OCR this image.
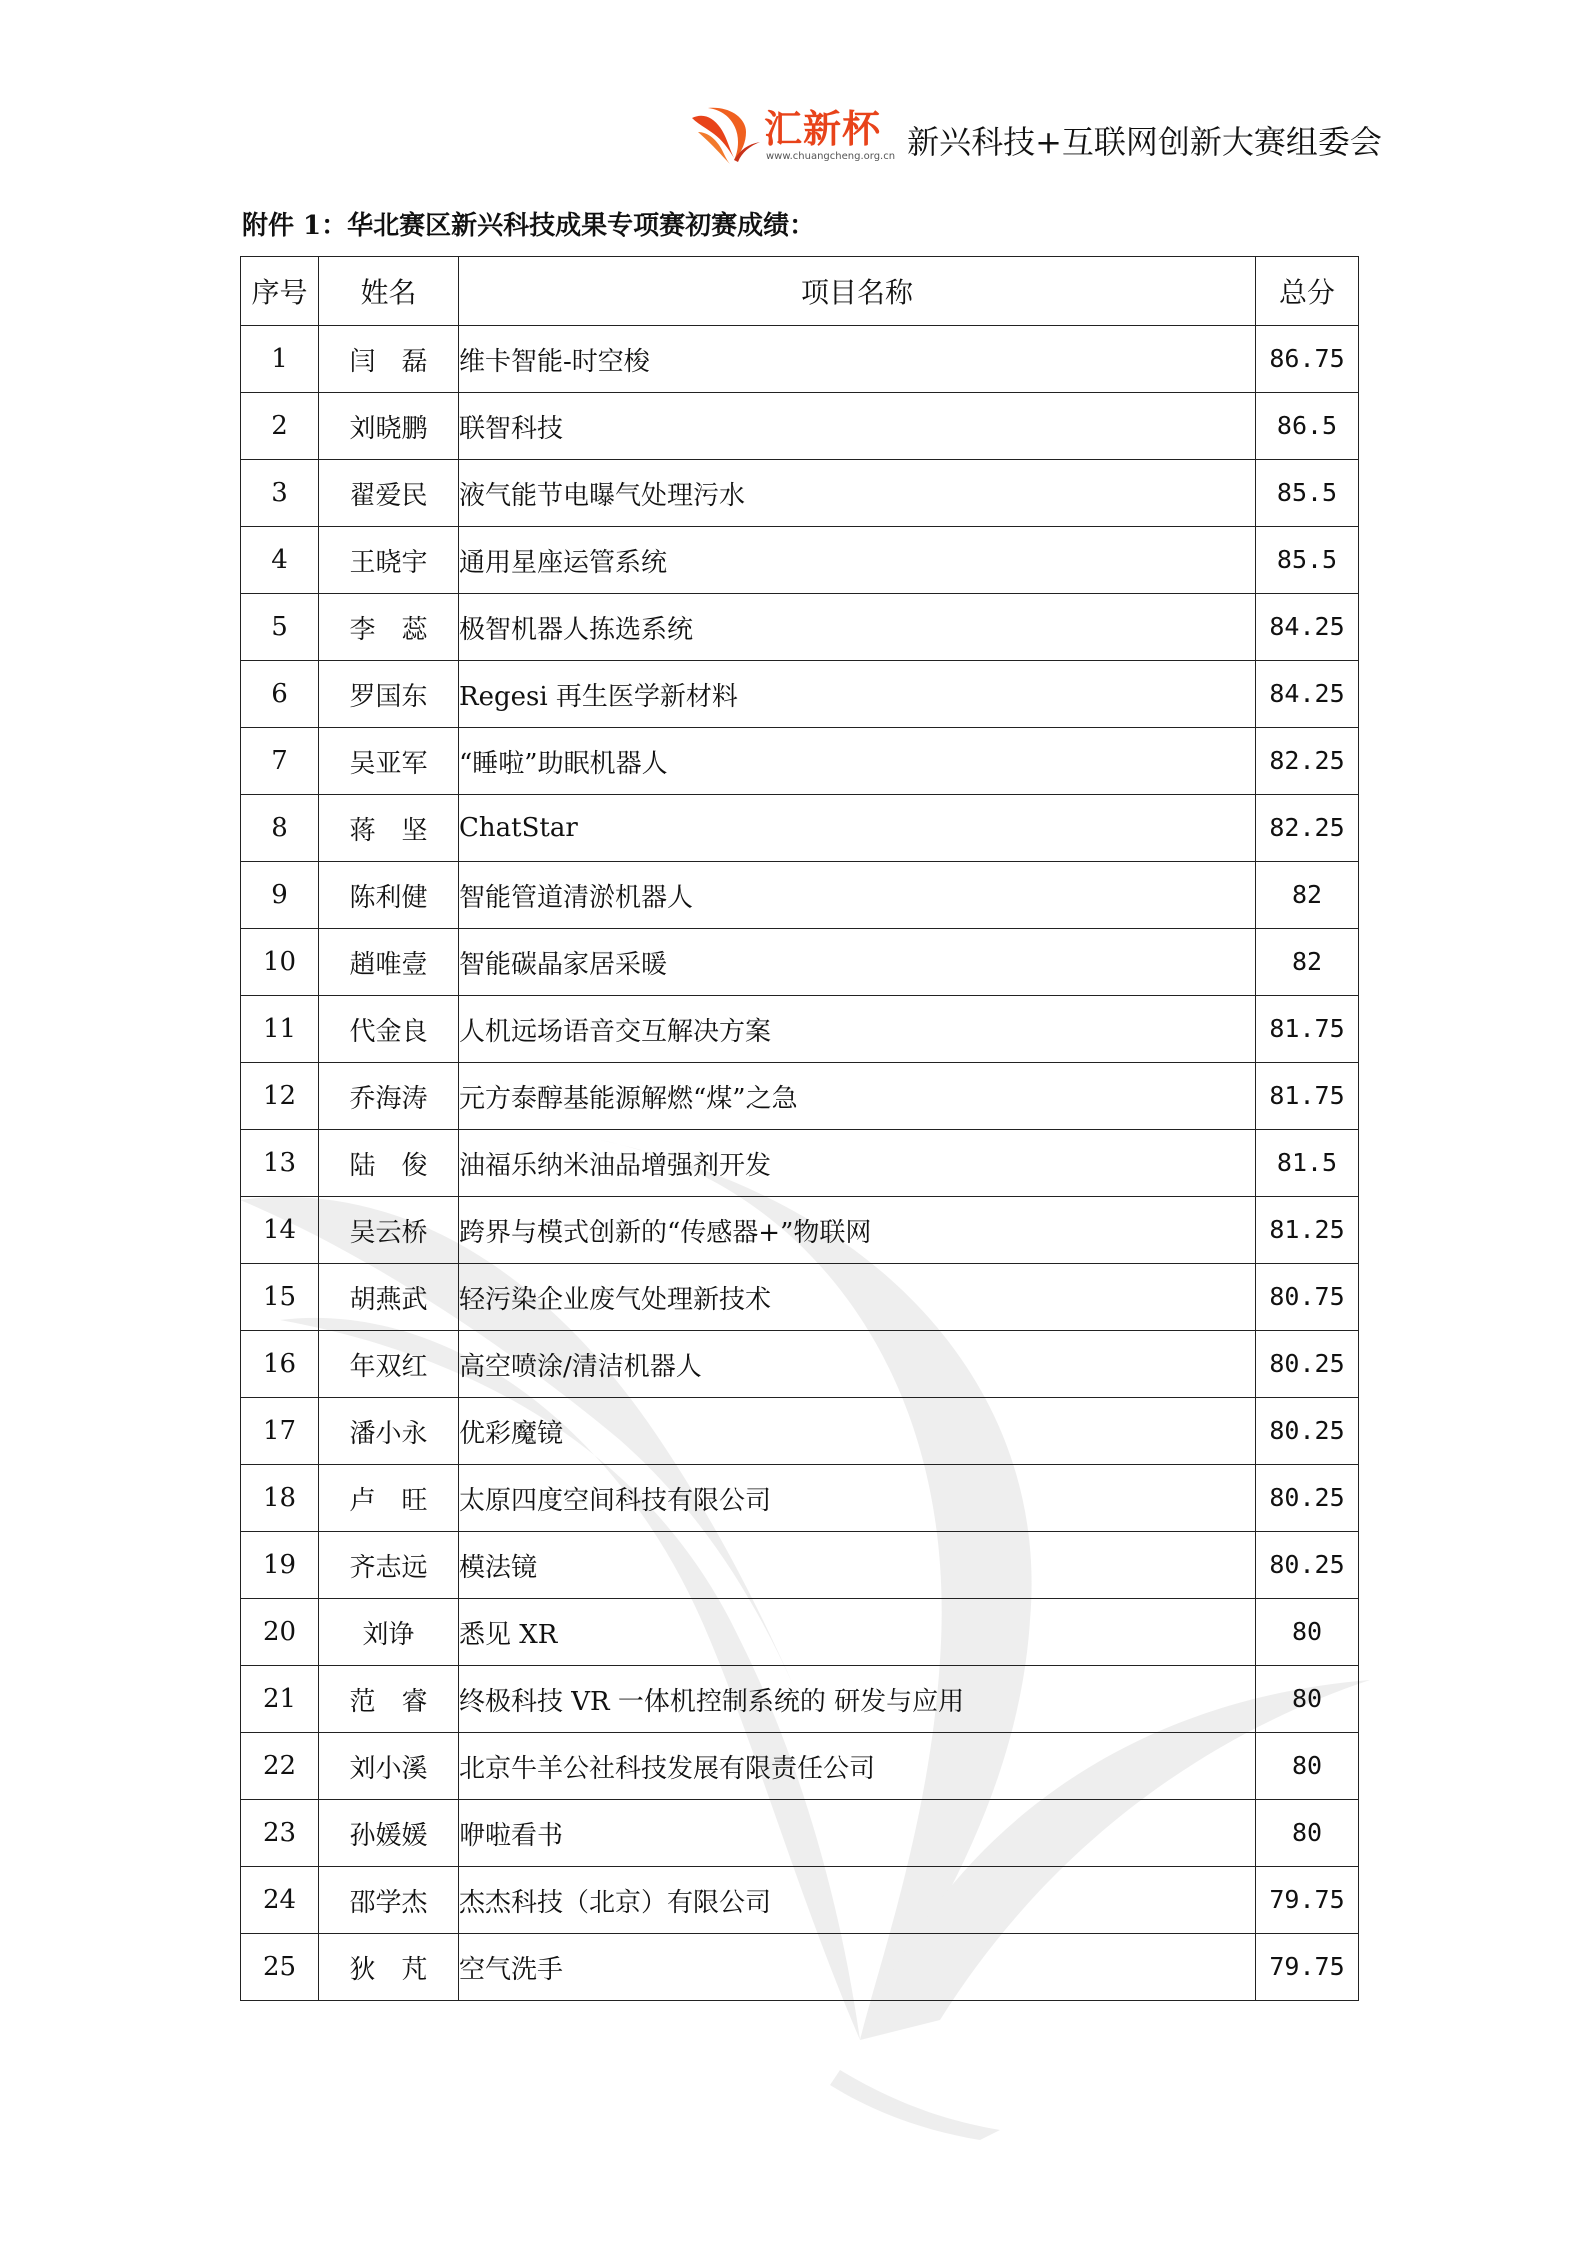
汇新杯
www.chuangcheng.org.cn 新兴科技+互联网创新大赛组委会
附件 1：华北赛区新兴科技成果专项赛初赛成绩：
序号	姓名	项目名称	总分
1	闫　磊	维卡智能-时空梭	86.75
2	刘晓鹏	联智科技	86.5
3	翟爱民	液气能节电曝气处理污水	85.5
4	王晓宇	通用星座运管系统	85.5
5	李　蕊	极智机器人拣选系统	84.25
6	罗国东	Regesi 再生医学新材料	84.25
7	吴亚军	“睡啦”助眠机器人	82.25
8	蒋　坚	ChatStar	82.25
9	陈利健	智能管道清淤机器人	82
10	趙唯壹	智能碳晶家居采暖	82
11	代金良	人机远场语音交互解决方案	81.75
12	乔海涛	元方泰醇基能源解燃“煤”之急	81.75
13	陆　俊	油福乐纳米油品增强剂开发	81.5
14	吴云桥	跨界与模式创新的“传感器+”物联网	81.25
15	胡燕武	轻污染企业废气处理新技术	80.75
16	年双红	高空喷涂/清洁机器人	80.25
17	潘小永	优彩魔镜	80.25
18	卢　旺	太原四度空间科技有限公司	80.25
19	齐志远	模法镜	80.25
20	刘诤	悉见 XR	80
21	范　睿	终极科技 VR 一体机控制系统的 研发与应用	80
22	刘小溪	北京牛羊公社科技发展有限责任公司	80
23	孙媛媛	咿啦看书	80
24	邵学杰	杰杰科技（北京）有限公司	79.75
25	狄　芃	空气洗手	79.75
